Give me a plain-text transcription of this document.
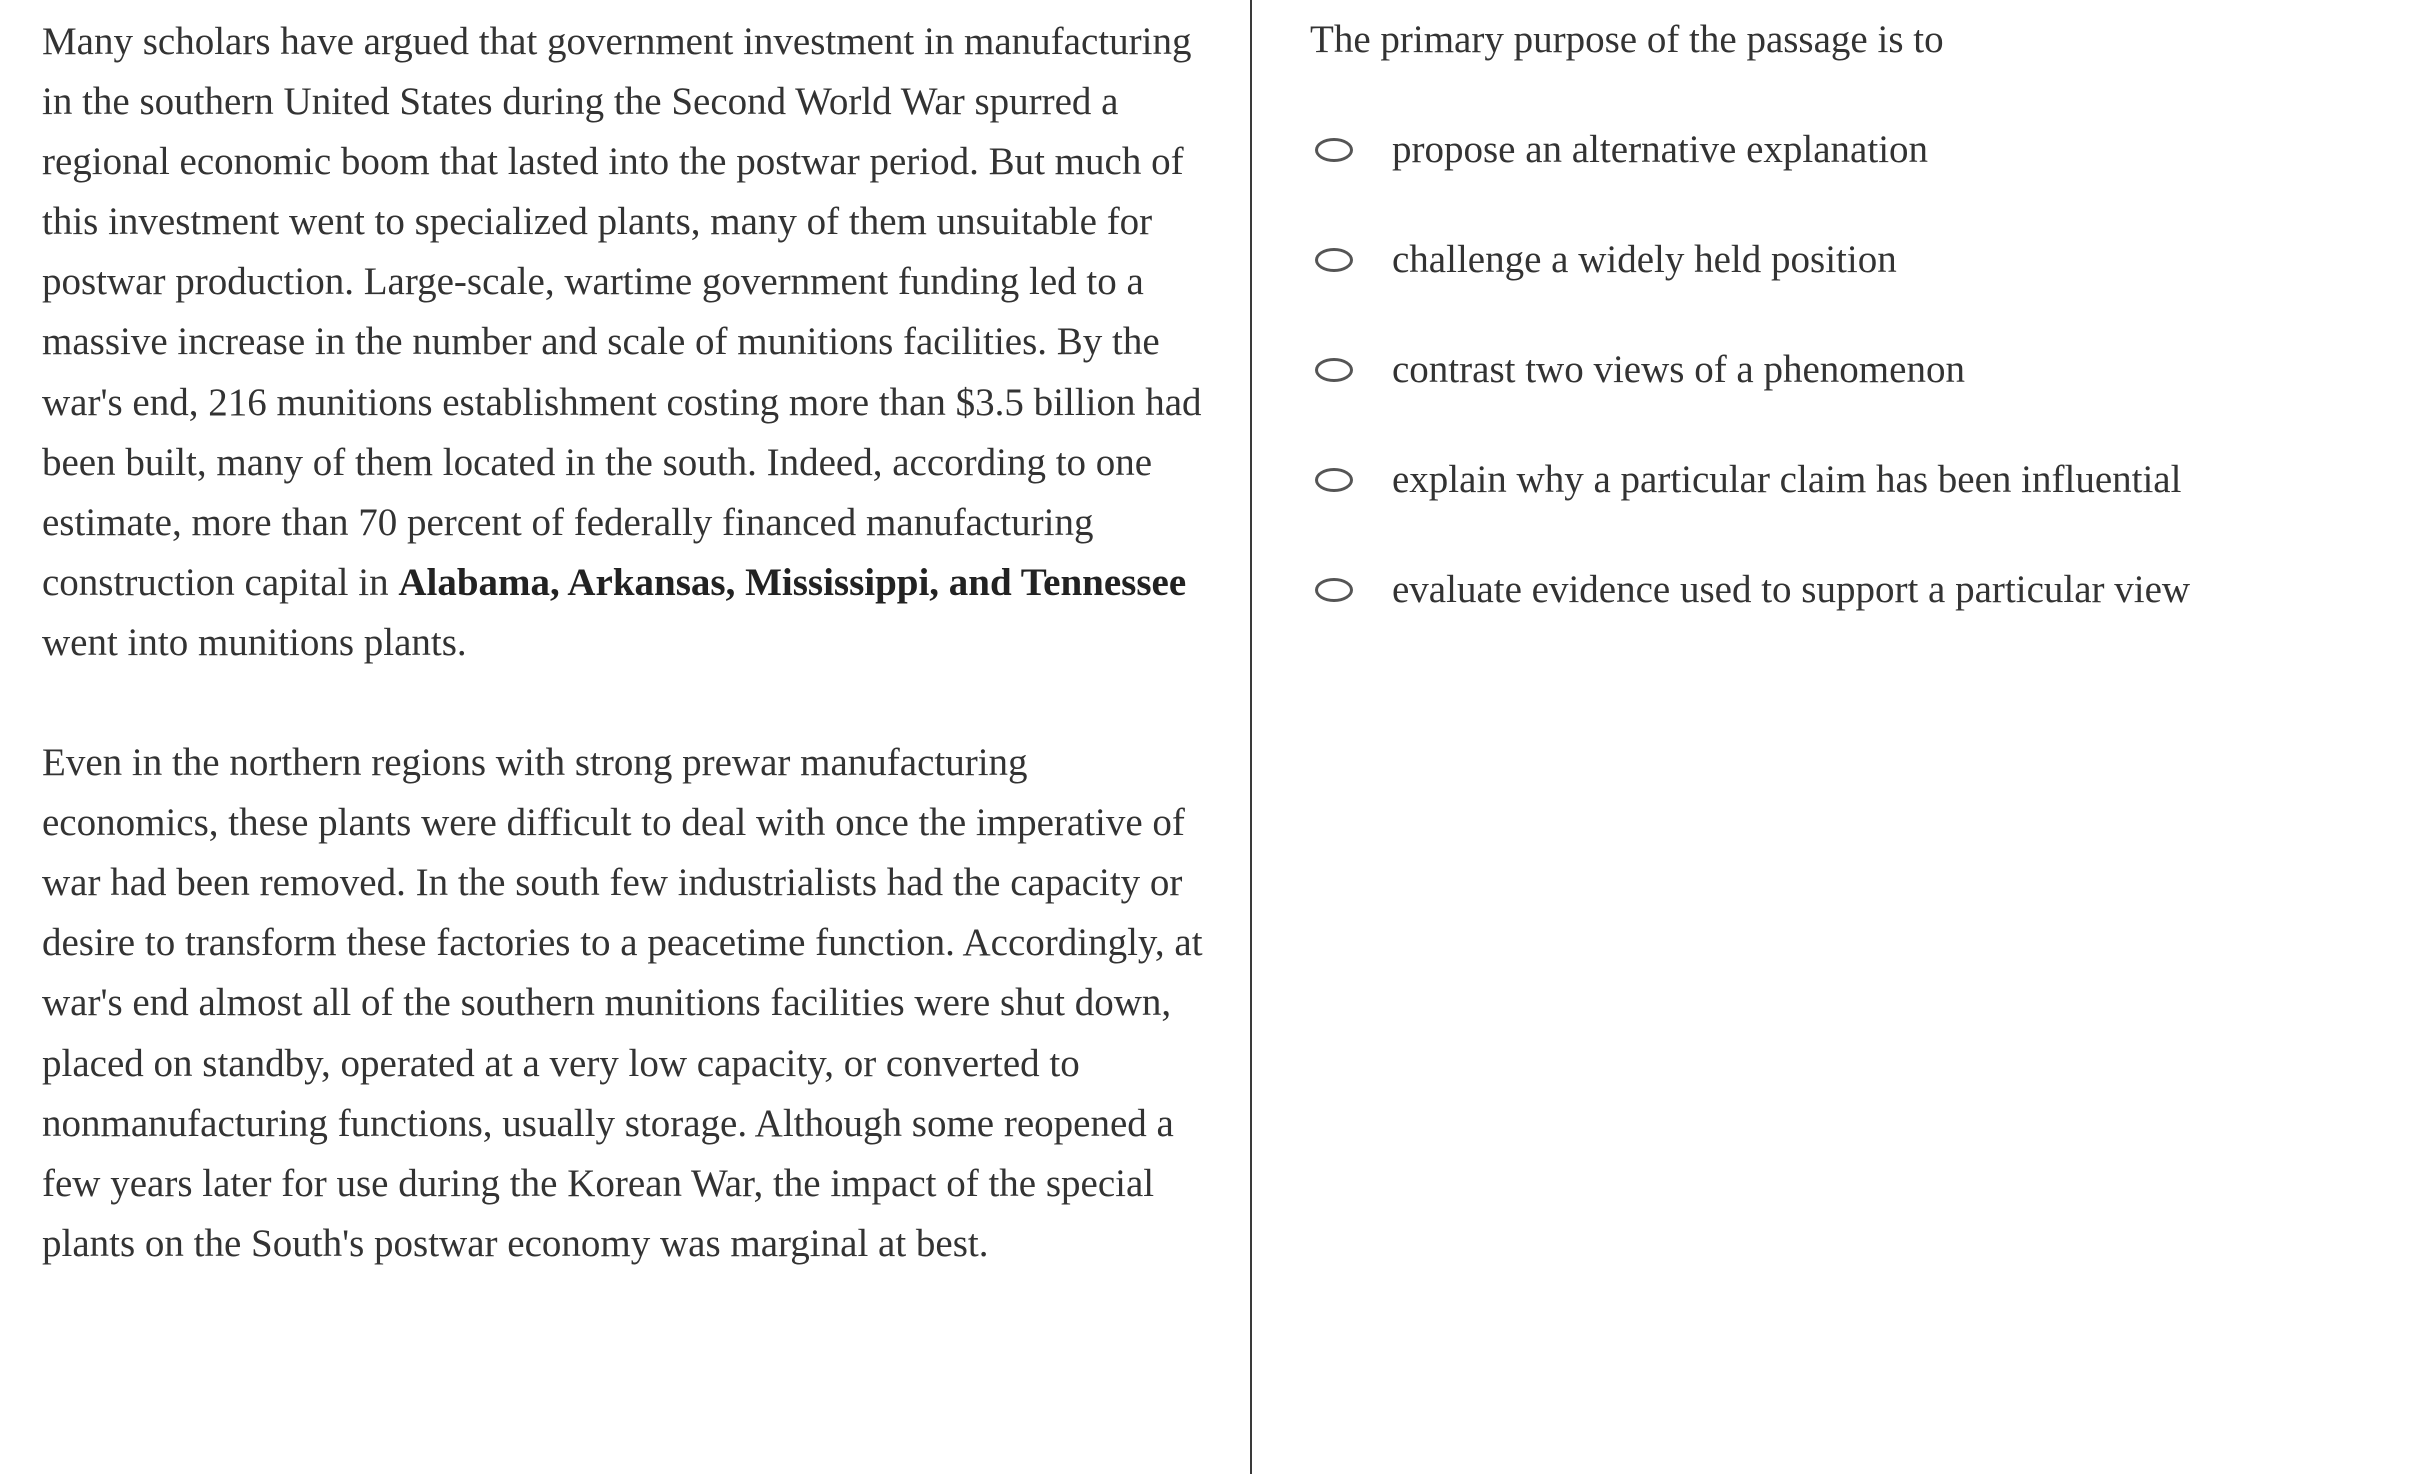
Many scholars have argued that government investment in manufacturing in the southern United States during the Second World War spurred a regional economic boom that lasted into the postwar period. But much of this investment went to specialized plants, many of them unsuitable for postwar production. Large-scale, wartime government funding led to a massive increase in the number and scale of munitions facilities. By the war's end, 216 munitions establishment costing more than $3.5 billion had been built, many of them located in the south. Indeed, according to one estimate, more than 70 percent of federally financed manufacturing construction capital in Alabama, Arkansas, Mississippi, and Tennessee went into munitions plants.

Even in the northern regions with strong prewar manufacturing economics, these plants were difficult to deal with once the imperative of war had been removed. In the south few industrialists had the capacity or desire to transform these factories to a peacetime function. Accordingly, at war's end almost all of the southern munitions facilities were shut down, placed on standby, operated at a very low capacity, or converted to nonmanufacturing functions, usually storage. Although some reopened a few years later for use during the Korean War, the impact of the special plants on the South's postwar economy was marginal at best.

The primary purpose of the passage is to
propose an alternative explanation
challenge a widely held position
contrast two views of a phenomenon
explain why a particular claim has been influential
evaluate evidence used to support a particular view
